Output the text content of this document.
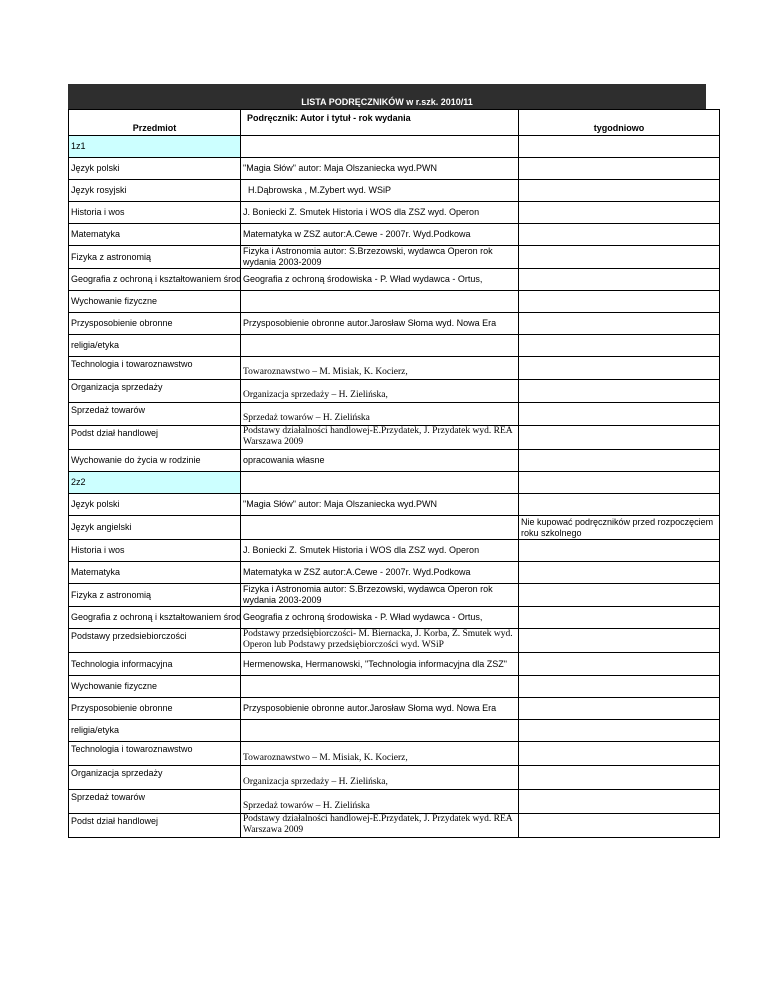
LISTA PODRĘCZNIKÓW w r.szk. 2010/11
Przedmiot	Podręcznik: Autor i tytuł - rok wydania	tygodniowo
1z1		
Język polski	"Magia Słów" autor: Maja Olszaniecka wyd.PWN	
Język rosyjski	H.Dąbrowska , M.Zybert wyd. WSiP	
Historia i wos	J. Boniecki Z. Smutek Historia i WOS dla ZSZ wyd. Operon	
Matematyka	Matematyka w ZSZ autor:A.Cewe - 2007r. Wyd.Podkowa	
Fizyka z astronomią	Fizyka i Astronomia autor: S.Brzezowski, wydawca Operon rok wydania 2003-2009	
Geografia z ochroną i kształtowaniem środ	Geografia z ochroną środowiska - P. Wład wydawca - Ortus,	
Wychowanie fizyczne		
Przysposobienie obronne	Przysposobienie obronne autor.Jarosław Słoma wyd. Nowa Era	
religia/etyka		
Technologia i towaroznawstwo	Towaroznawstwo – M. Misiak, K. Kocierz,	
Organizacja sprzedaży	Organizacja sprzedaży – H. Zielińska,	
Sprzedaż towarów	Sprzedaż towarów – H. Zielińska	
Podst dział handlowej	Podstawy działalności handlowej-E.Przydatek, J. Przydatek wyd. REA Warszawa 2009	
Wychowanie do życia w rodzinie	opracowania własne	
2z2		
Język polski	"Magia Słów" autor: Maja Olszaniecka wyd.PWN	
Język angielski		Nie kupować podręczników przed rozpoczęciem roku szkolnego
Historia i wos	J. Boniecki Z. Smutek Historia i WOS dla ZSZ wyd. Operon	
Matematyka	Matematyka w ZSZ autor:A.Cewe - 2007r. Wyd.Podkowa	
Fizyka z astronomią	Fizyka i Astronomia autor: S.Brzezowski, wydawca Operon rok wydania 2003-2009	
Geografia z ochroną i kształtowaniem środ	Geografia z ochroną środowiska - P. Wład wydawca - Ortus,	
Podstawy przedsiebiorczości	Podstawy przedsiębiorczości- M. Biernacka, J. Korba, Z. Smutek wyd. Operon lub Podstawy przedsiębiorczości wyd. WSiP	
Technologia informacyjna	Hermenowska, Hermanowski, "Technologia informacyjna dla ZSZ"	
Wychowanie fizyczne		
Przysposobienie obronne	Przysposobienie obronne autor.Jarosław Słoma wyd. Nowa Era	
religia/etyka		
Technologia i towaroznawstwo	Towaroznawstwo – M. Misiak, K. Kocierz,	
Organizacja sprzedaży	Organizacja sprzedaży – H. Zielińska,	
Sprzedaż towarów	Sprzedaż towarów – H. Zielińska	
Podst dział handlowej	Podstawy działalności handlowej-E.Przydatek, J. Przydatek wyd. REA Warszawa 2009	
